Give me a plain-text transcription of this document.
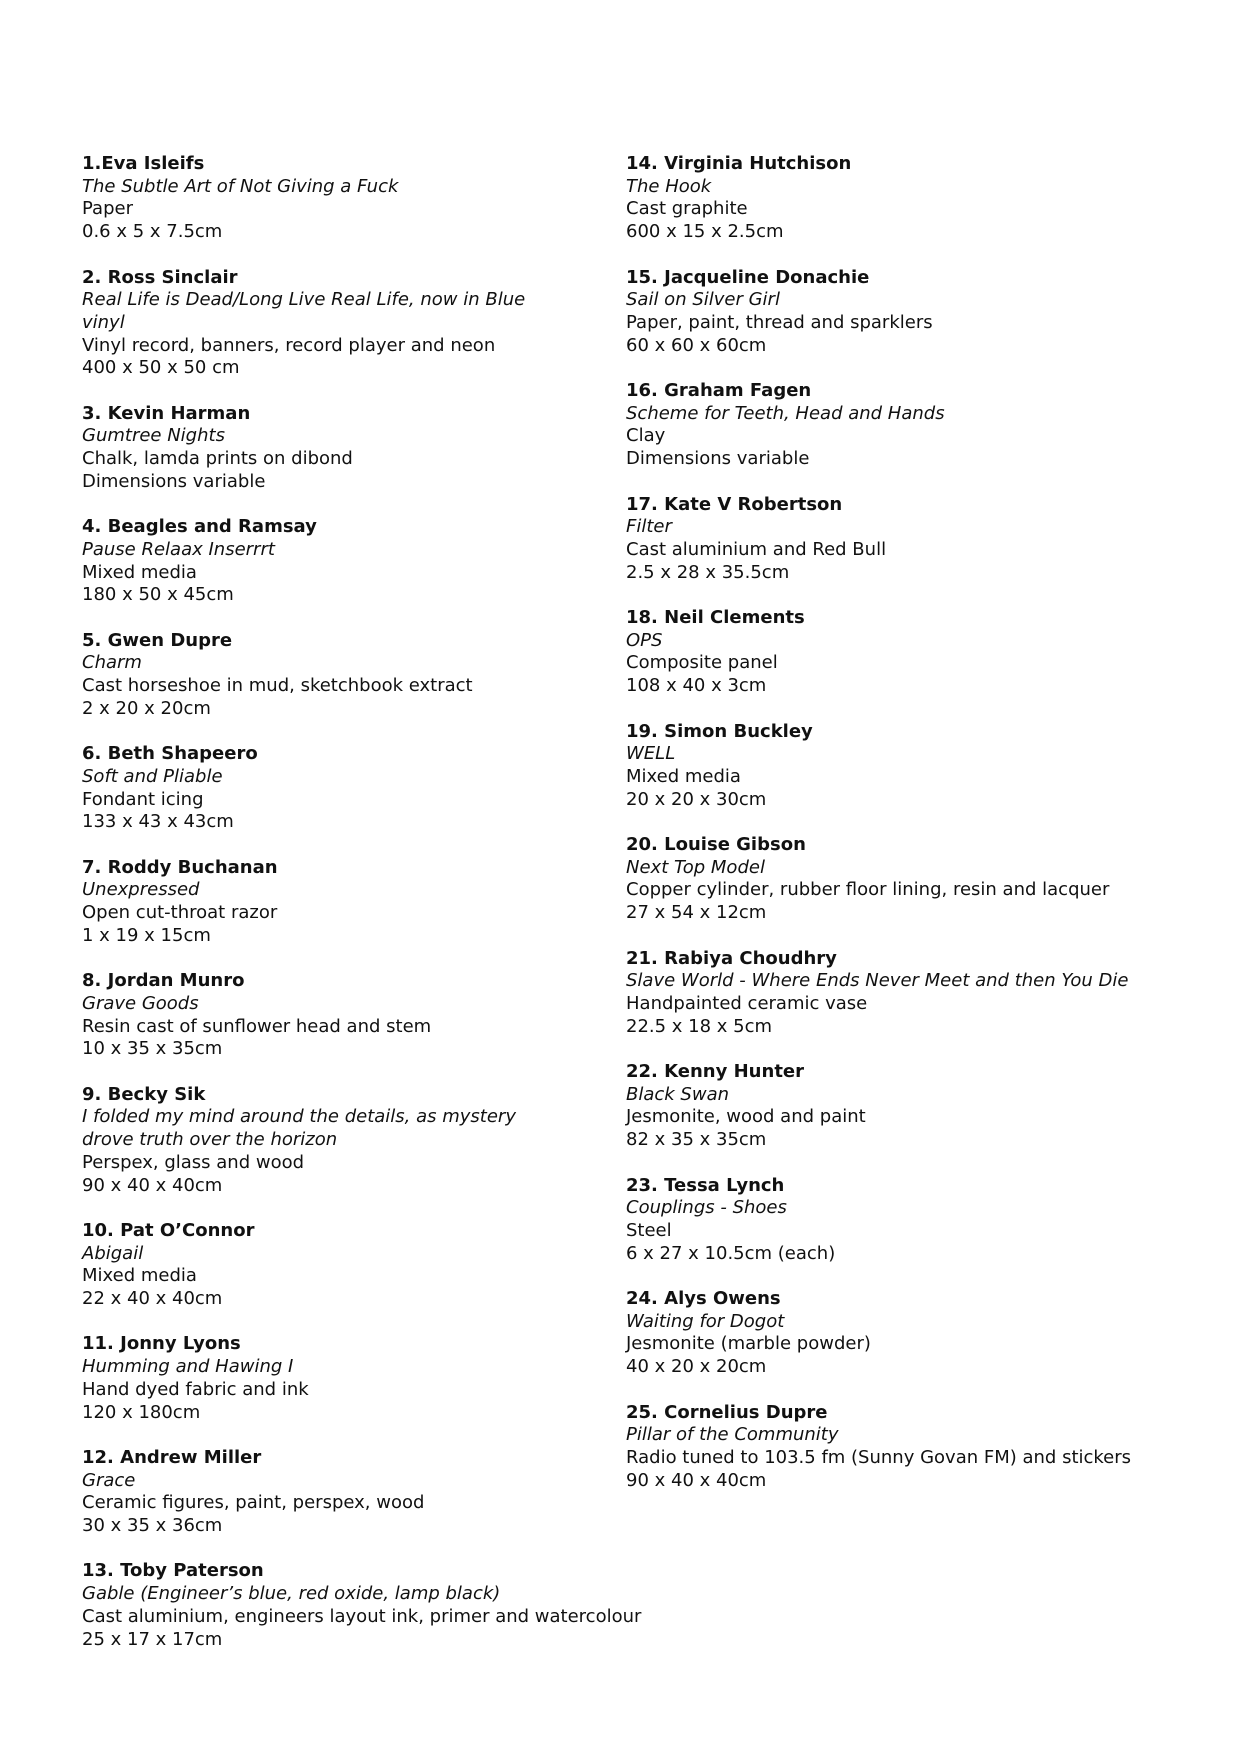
1.Eva Isleifs
The Subtle Art of Not Giving a Fuck
Paper
0.6 x 5 x 7.5cm
2. Ross Sinclair
Real Life is Dead/Long Live Real Life, now in Blue vinyl
Vinyl record, banners, record player and neon
400 x 50 x 50 cm
3. Kevin Harman
Gumtree Nights
Chalk, lamda prints on dibond
Dimensions variable
4. Beagles and Ramsay
Pause Relaax Inserrrt
Mixed media
180 x 50 x 45cm
5. Gwen Dupre
Charm
Cast horseshoe in mud, sketchbook extract
2 x 20 x 20cm
6. Beth Shapeero
Soft and Pliable
Fondant icing
133 x 43 x 43cm
7. Roddy Buchanan
Unexpressed
Open cut-throat razor
1 x 19 x 15cm
8. Jordan Munro
Grave Goods
Resin cast of sunflower head and stem
10 x 35 x 35cm
9. Becky Sik
I folded my mind around the details, as mystery drove truth over the horizon
Perspex, glass and wood
90 x 40 x 40cm
10. Pat O’Connor
Abigail
Mixed media
22 x 40 x 40cm
11. Jonny Lyons
Humming and Hawing I
Hand dyed fabric and ink
120 x 180cm
12. Andrew Miller
Grace
Ceramic figures, paint, perspex, wood
30 x 35 x 36cm
13. Toby Paterson
Gable (Engineer’s blue, red oxide, lamp black)
Cast aluminium, engineers layout ink, primer and watercolour
25 x 17 x 17cm
14. Virginia Hutchison
The Hook
Cast graphite
600 x 15 x 2.5cm
15. Jacqueline Donachie
Sail on Silver Girl
Paper, paint, thread and sparklers
60 x 60 x 60cm
16. Graham Fagen
Scheme for Teeth, Head and Hands
Clay
Dimensions variable
17. Kate V Robertson
Filter
Cast aluminium and Red Bull
2.5 x 28 x 35.5cm
18. Neil Clements
OPS
Composite panel
108 x 40 x 3cm
19. Simon Buckley
WELL
Mixed media
20 x 20 x 30cm
20. Louise Gibson
Next Top Model
Copper cylinder, rubber floor lining, resin and lacquer
27 x 54 x 12cm
21. Rabiya Choudhry
Slave World - Where Ends Never Meet and then You Die
Handpainted ceramic vase
22.5 x 18 x 5cm
22. Kenny Hunter
Black Swan
Jesmonite, wood and paint
82 x 35 x 35cm
23. Tessa Lynch
Couplings - Shoes
Steel
6 x 27 x 10.5cm (each)
24. Alys Owens
Waiting for Dogot
Jesmonite (marble powder)
40 x 20 x 20cm
25. Cornelius Dupre
Pillar of the Community
Radio tuned to 103.5 fm (Sunny Govan FM) and stickers
90 x 40 x 40cm
